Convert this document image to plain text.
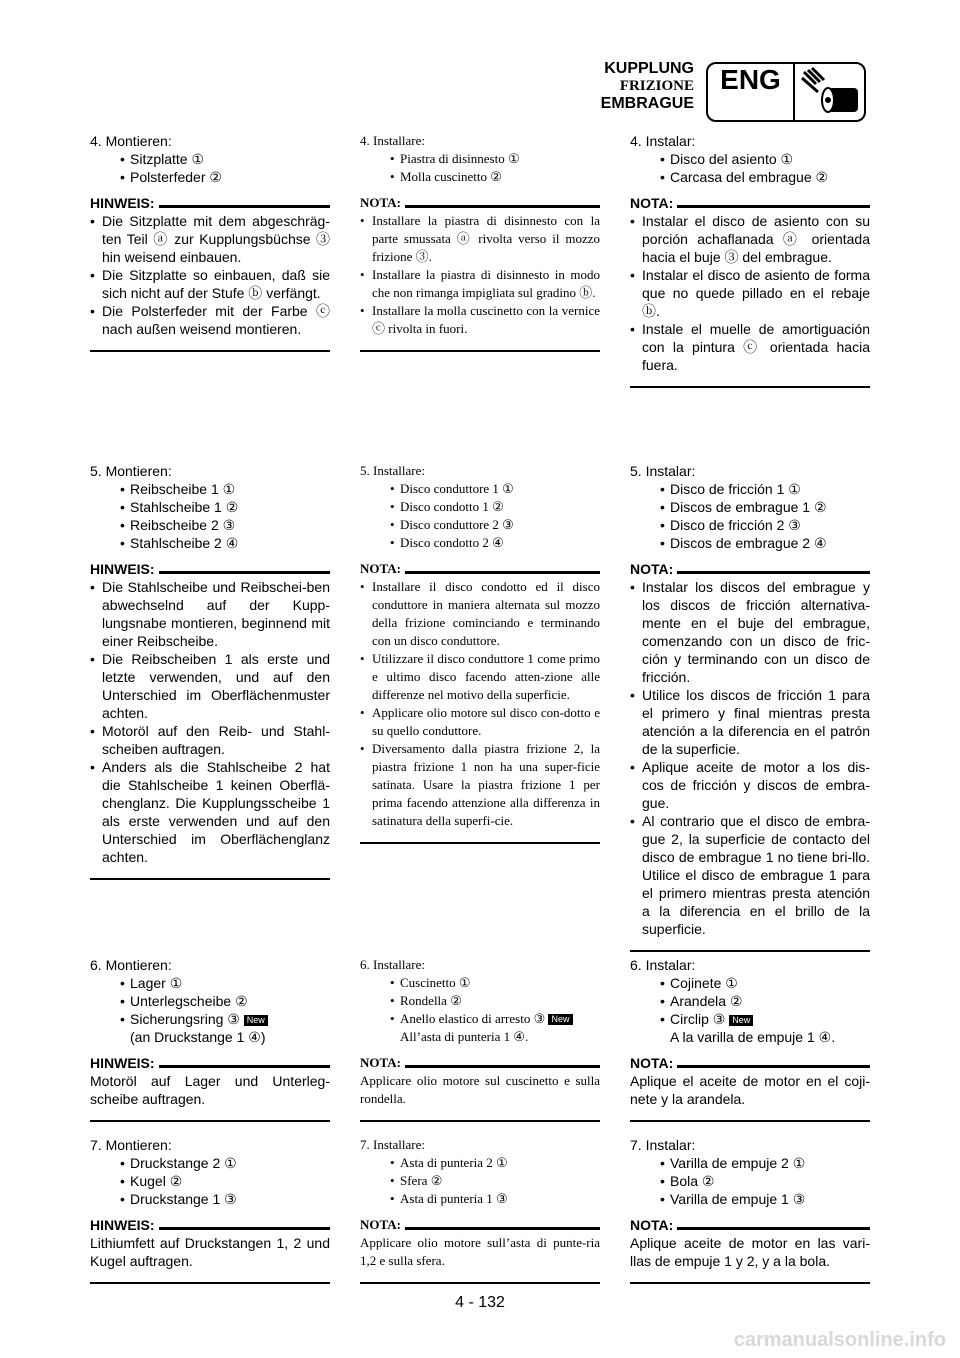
KUPPLUNG
FRIZIONE
EMBRAGUE
ENG
4. Montieren:
• Sitzplatte ①
• Polsterfeder ②
HINWEIS:
• Die Sitzplatte mit dem abgeschräg-ten Teil ⓐ zur Kupplungsbüchse ③ hin weisend einbauen.
• Die Sitzplatte so einbauen, daß sie sich nicht auf der Stufe ⓑ verfängt.
• Die Polsterfeder mit der Farbe ⓒ nach außen weisend montieren.
5. Montieren:
• Reibscheibe 1 ①
• Stahlscheibe 1 ②
• Reibscheibe 2 ③
• Stahlscheibe 2 ④
HINWEIS:
• Die Stahlscheibe und Reibschei-ben abwechselnd auf der Kupp-lungsnabe montieren, beginnend mit einer Reibscheibe.
• Die Reibscheiben 1 als erste und letzte verwenden, und auf den Unterschied im Oberflächenmuster achten.
• Motoröl auf den Reib- und Stahl-scheiben auftragen.
• Anders als die Stahlscheibe 2 hat die Stahlscheibe 1 keinen Oberflä-chenglanz. Die Kupplungsscheibe 1 als erste verwenden und auf den Unterschied im Oberflächenglanz achten.
6. Montieren:
• Lager ①
• Unterlegscheibe ②
• Sicherungsring ③ New
(an Druckstange 1 ④)
HINWEIS:

Motoröl auf Lager und Unterleg-scheibe auftragen.

7. Montieren:
• Druckstange 2 ①
• Kugel ②
• Druckstange 1 ③
HINWEIS:

Lithiumfett auf Druckstangen 1, 2 und Kugel auftragen.

4. Installare:
• Piastra di disinnesto ①
• Molla cuscinetto ②
NOTA:
• Installare la piastra di disinnesto con la parte smussata ⓐ rivolta verso il mozzo frizione ③.
• Installare la piastra di disinnesto in modo che non rimanga impigliata sul gradino ⓑ.
• Installare la molla cuscinetto con la vernice ⓒ rivolta in fuori.
5. Installare:
• Disco conduttore 1 ①
• Disco condotto 1 ②
• Disco conduttore 2 ③
• Disco condotto 2 ④
NOTA:
• Installare il disco condotto ed il disco conduttore in maniera alternata sul mozzo della frizione cominciando e terminando con un disco conduttore.
• Utilizzare il disco conduttore 1 come primo e ultimo disco facendo atten-zione alle differenze nel motivo della superficie.
• Applicare olio motore sul disco con-dotto e su quello conduttore.
• Diversamento dalla piastra frizione 2, la piastra frizione 1 non ha una super-ficie satinata. Usare la piastra frizione 1 per prima facendo attenzione alla differenza in satinatura della superfi-cie.
6. Installare:
• Cuscinetto ①
• Rondella ②
• Anello elastico di arresto ③ New
All’asta di punteria 1 ④.
NOTA:

Applicare olio motore sul cuscinetto e sulla rondella.

7. Installare:
• Asta di punteria 2 ①
• Sfera ②
• Asta di punteria 1 ③
NOTA:

Applicare olio motore sull’asta di punte-ria 1,2 e sulla sfera.

4. Instalar:
• Disco del asiento ①
• Carcasa del embrague ②
NOTA:
• Instalar el disco de asiento con su porción achaflanada ⓐ orientada hacia el buje ③ del embrague.
• Instalar el disco de asiento de forma que no quede pillado en el rebaje ⓑ.
• Instale el muelle de amortiguación con la pintura ⓒ orientada hacia fuera.
5. Instalar:
• Disco de fricción 1 ①
• Discos de embrague 1 ②
• Disco de fricción 2 ③
• Discos de embrague 2 ④
NOTA:
• Instalar los discos del embrague y los discos de fricción alternativa-mente en el buje del embrague, comenzando con un disco de fric-ción y terminando con un disco de fricción.
• Utilice los discos de fricción 1 para el primero y final mientras presta atención a la diferencia en el patrón de la superficie.
• Aplique aceite de motor a los dis-cos de fricción y discos de embra-gue.
• Al contrario que el disco de embra-gue 2, la superficie de contacto del disco de embrague 1 no tiene bri-llo. Utilice el disco de embrague 1 para el primero mientras presta atención a la diferencia en el brillo de la superficie.
6. Instalar:
• Cojinete ①
• Arandela ②
• Circlip ③ New
A la varilla de empuje 1 ④.
NOTA:

Aplique el aceite de motor en el coji-nete y la arandela.

7. Instalar:
• Varilla de empuje 2 ①
• Bola ②
• Varilla de empuje 1 ③
NOTA:

Aplique aceite de motor en las vari-llas de empuje 1 y 2, y a la bola.

4 - 132
carmanualsonline.info
